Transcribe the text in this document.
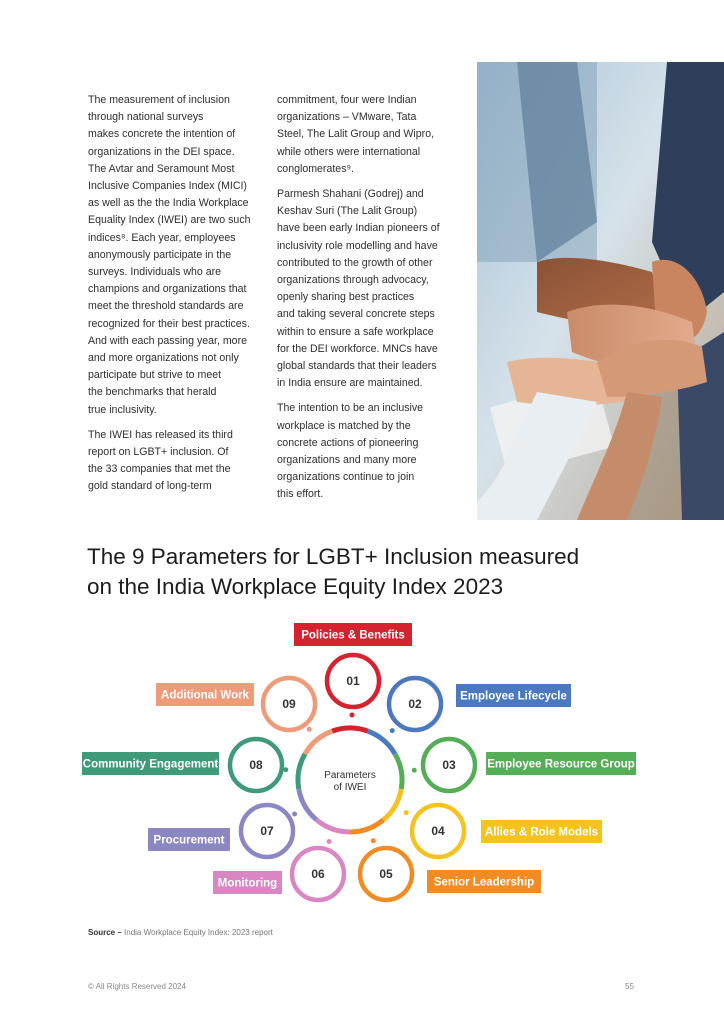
The measurement of inclusion
through national surveys
makes concrete the intention of
organizations in the DEI space.
The Avtar and Seramount Most
Inclusive Companies Index (MICI)
as well as the the India Workplace
Equality Index (IWEI) are two such
indices⁸. Each year, employees
anonymously participate in the
surveys. Individuals who are
champions and organizations that
meet the threshold standards are
recognized for their best practices.
And with each passing year, more
and more organizations not only
participate but strive to meet
the benchmarks that herald
true inclusivity.

The IWEI has released its third
report on LGBT+ inclusion. Of
the 33 companies that met the
gold standard of long-term

commitment, four were Indian
organizations – VMware, Tata
Steel, The Lalit Group and Wipro,
while others were international
conglomerates⁹.

Parmesh Shahani (Godrej) and
Keshav Suri (The Lalit Group)
have been early Indian pioneers of
inclusivity role modelling and have
contributed to the growth of other
organizations through advocacy,
openly sharing best practices
and taking several concrete steps
within to ensure a safe workplace
for the DEI workforce. MNCs have
global standards that their leaders
in India ensure are maintained.

The intention to be an inclusive
workplace is matched by the
concrete actions of pioneering
organizations and many more
organizations continue to join
this effort.

The 9 Parameters for LGBT+ Inclusion measured
on the India Workplace Equity Index 2023
Parameters
of IWEI
01
Policies & Benefits
02
Employee Lifecycle
03	Employee Resource Group
04	Allies & Role Models
05
Senior Leadership
06
Monitoring
07
Procurement
08
Community Engagement
09
Additional Work
Source – India Workplace Equity Index: 2023 report
© All Rights Reserved 2024	55
